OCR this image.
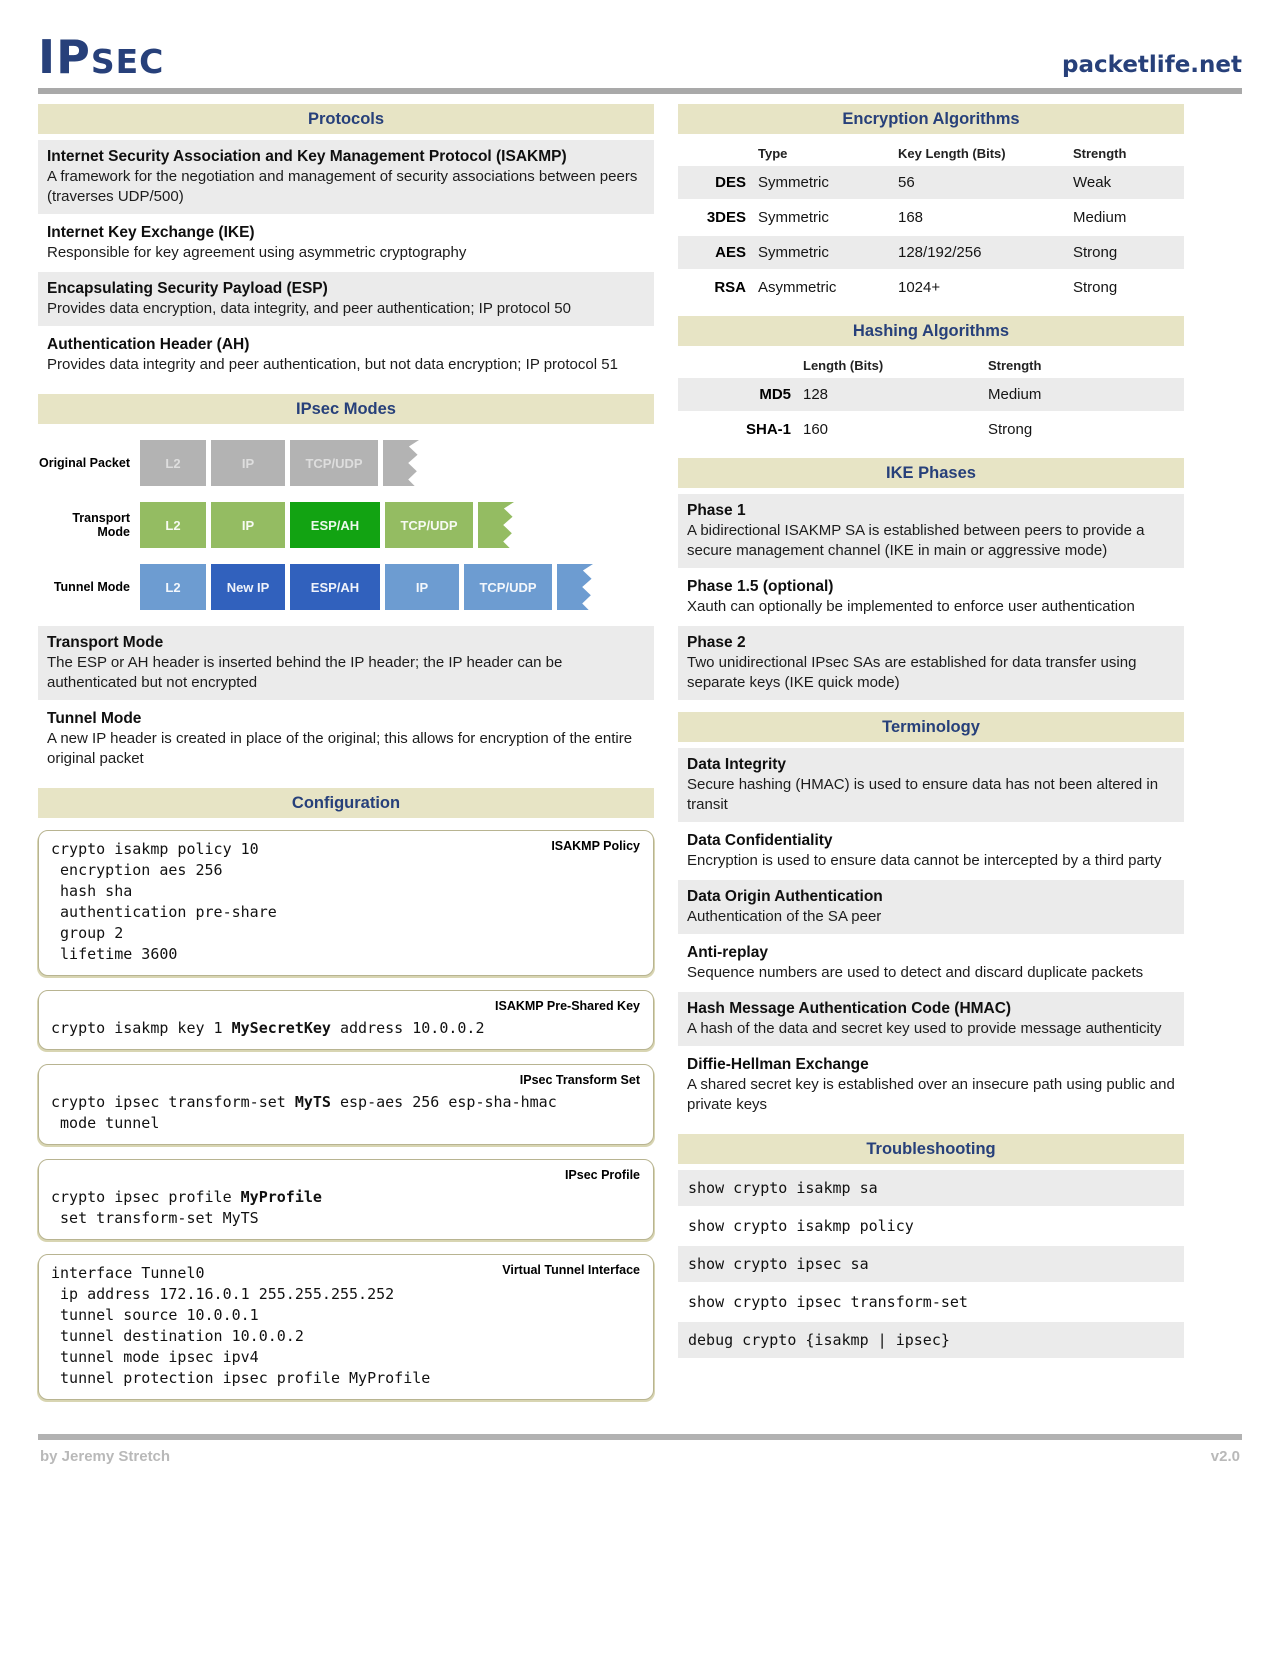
IPSEC	packetlife.net
Protocols
Internet Security Association and Key Management Protocol (ISAKMP)
A framework for the negotiation and management of security associations between peers (traverses UDP/500)
Internet Key Exchange (IKE)
Responsible for key agreement using asymmetric cryptography
Encapsulating Security Payload (ESP)
Provides data encryption, data integrity, and peer authentication; IP protocol 50
Authentication Header (AH)
Provides data integrity and peer authentication, but not data encryption; IP protocol 51
IPsec Modes
Original Packet	L2	IP	TCP/UDP
Transport Mode	L2	IP	ESP/AH	TCP/UDP
Tunnel Mode	L2	New IP	ESP/AH	IP	TCP/UDP
Transport Mode
The ESP or AH header is inserted behind the IP header; the IP header can be authenticated but not encrypted
Tunnel Mode
A new IP header is created in place of the original; this allows for encryption of the entire original packet
Configuration
ISAKMP Policy
crypto isakmp policy 10
encryption aes 256
hash sha
authentication pre-share
group 2
lifetime 3600
ISAKMP Pre-Shared Key
crypto isakmp key 1 MySecretKey address 10.0.0.2
IPsec Transform Set
crypto ipsec transform-set MyTS esp-aes 256 esp-sha-hmac
mode tunnel
IPsec Profile
crypto ipsec profile MyProfile
set transform-set MyTS
Virtual Tunnel Interface
interface Tunnel0
ip address 172.16.0.1 255.255.255.252
tunnel source 10.0.0.1
tunnel destination 10.0.0.2
tunnel mode ipsec ipv4
tunnel protection ipsec profile MyProfile
Encryption Algorithms
Type	Key Length (Bits)	Strength
DES Symmetric	56	Weak
3DES Symmetric	168	Medium
AES Symmetric	128/192/256	Strong
RSA Asymmetric	1024+	Strong
Hashing Algorithms
Length (Bits)	Strength
MD5 128	Medium
SHA-1 160	Strong
IKE Phases
Phase 1
A bidirectional ISAKMP SA is established between peers to provide a secure management channel (IKE in main or aggressive mode)
Phase 1.5 (optional)
Xauth can optionally be implemented to enforce user authentication
Phase 2
Two unidirectional IPsec SAs are established for data transfer using separate keys (IKE quick mode)
Terminology
Data Integrity
Secure hashing (HMAC) is used to ensure data has not been altered in transit
Data Confidentiality
Encryption is used to ensure data cannot be intercepted by a third party
Data Origin Authentication
Authentication of the SA peer
Anti-replay
Sequence numbers are used to detect and discard duplicate packets
Hash Message Authentication Code (HMAC)
A hash of the data and secret key used to provide message authenticity
Diffie-Hellman Exchange
A shared secret key is established over an insecure path using public and private keys
Troubleshooting
show crypto isakmp sa
show crypto isakmp policy
show crypto ipsec sa
show crypto ipsec transform-set
debug crypto {isakmp | ipsec}
by Jeremy Stretch	v2.0
